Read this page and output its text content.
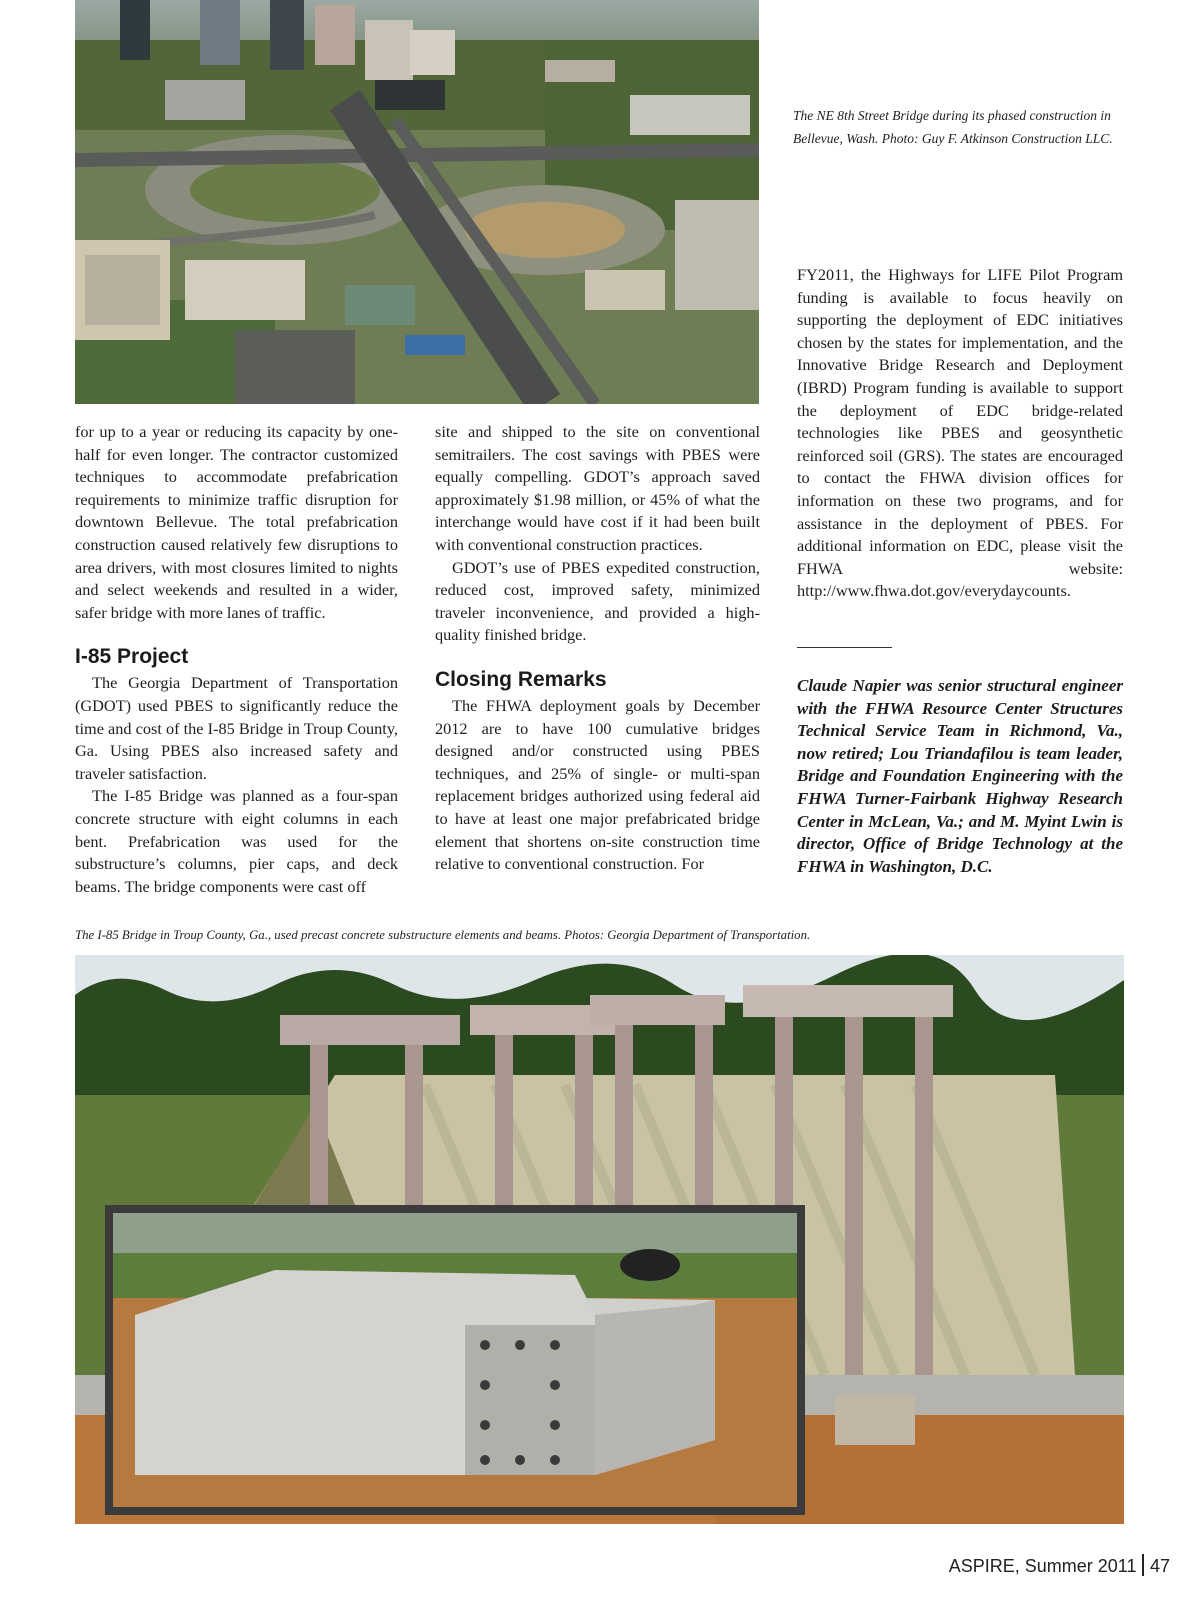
The NE 8th Street Bridge during its phased construction in Bellevue, Wash. Photo: Guy F. Atkinson Construction LLC.

for up to a year or reducing its capacity by one-half for even longer. The contractor customized techniques to accommodate prefabrication requirements to minimize traffic disruption for downtown Bellevue. The total prefabrication construction caused relatively few disruptions to area drivers, with most closures limited to nights and select weekends and resulted in a wider, safer bridge with more lanes of traffic.

I-85 Project

The Georgia Department of Transportation (GDOT) used PBES to significantly reduce the time and cost of the I-85 Bridge in Troup County, Ga. Using PBES also increased safety and traveler satisfaction.

The I-85 Bridge was planned as a four-span concrete structure with eight columns in each bent. Prefabrication was used for the substructure’s columns, pier caps, and deck beams. The bridge components were cast off

site and shipped to the site on conventional semitrailers. The cost savings with PBES were equally compelling. GDOT’s approach saved approximately $1.98 million, or 45% of what the interchange would have cost if it had been built with conventional construction practices.

GDOT’s use of PBES expedited construction, reduced cost, improved safety, minimized traveler inconvenience, and provided a high-quality finished bridge.

Closing Remarks

The FHWA deployment goals by December 2012 are to have 100 cumulative bridges designed and/or constructed using PBES techniques, and 25% of single- or multi-span replacement bridges authorized using federal aid to have at least one major prefabricated bridge element that shortens on-site construction time relative to conventional construction. For

FY2011, the Highways for LIFE Pilot Program funding is available to focus heavily on supporting the deployment of EDC initiatives chosen by the states for implementation, and the Innovative Bridge Research and Deployment (IBRD) Program funding is available to support the deployment of EDC bridge-related technologies like PBES and geosynthetic reinforced soil (GRS). The states are encouraged to contact the FHWA division offices for information on these two programs, and for assistance in the deployment of PBES. For additional information on EDC, please visit the FHWA website: http://www.fhwa.dot.gov/everydaycounts.

Claude Napier was senior structural engineer with the FHWA Resource Center Structures Technical Service Team in Richmond, Va., now retired; Lou Triandafilou is team leader, Bridge and Foundation Engineering with the FHWA Turner-Fairbank Highway Research Center in McLean, Va.; and M. Myint Lwin is director, Office of Bridge Technology at the FHWA in Washington, D.C.
The I-85 Bridge in Troup County, Ga., used precast concrete substructure elements and beams. Photos: Georgia Department of Transportation.
ASPIRE, Summer 2011 47
